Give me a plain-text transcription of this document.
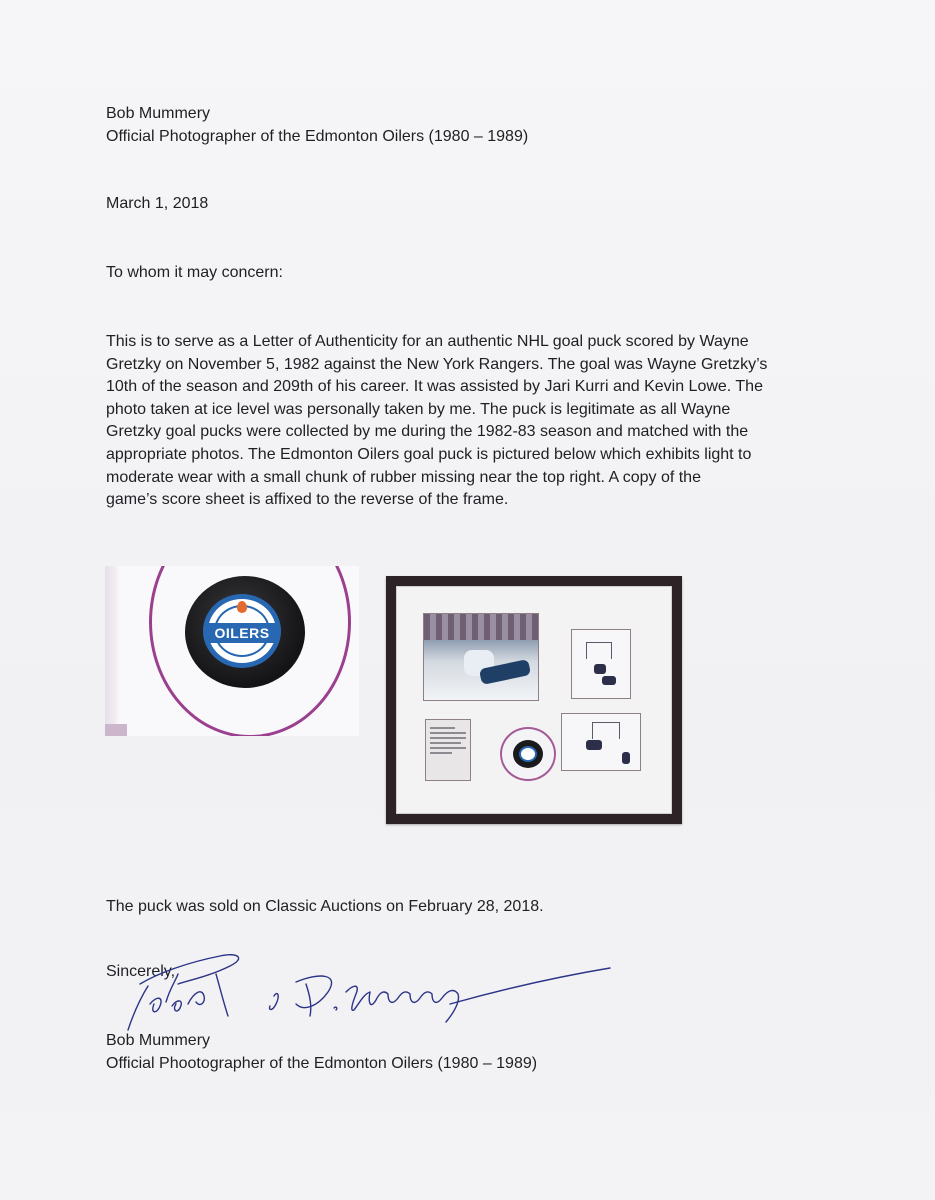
Bob Mummery
Official Photographer of the Edmonton Oilers (1980 – 1989)
March 1, 2018
To whom it may concern:
This is to serve as a Letter of Authenticity for an authentic NHL goal puck scored by Wayne
Gretzky on November 5, 1982 against the New York Rangers. The goal was Wayne Gretzky’s
10th of the season and 209th of his career. It was assisted by Jari Kurri and Kevin Lowe. The
photo taken at ice level was personally taken by me. The puck is legitimate as all Wayne
Gretzky goal pucks were collected by me during the 1982-83 season and matched with the
appropriate photos. The Edmonton Oilers goal puck is pictured below which exhibits light to
moderate wear with a small chunk of rubber missing near the top right. A copy of the
game’s score sheet is affixed to the reverse of the frame.
OILERS
The puck was sold on Classic Auctions on February 28, 2018.
Sincerely,
Bob Mummery
Official Phootographer of the Edmonton Oilers (1980 – 1989)
